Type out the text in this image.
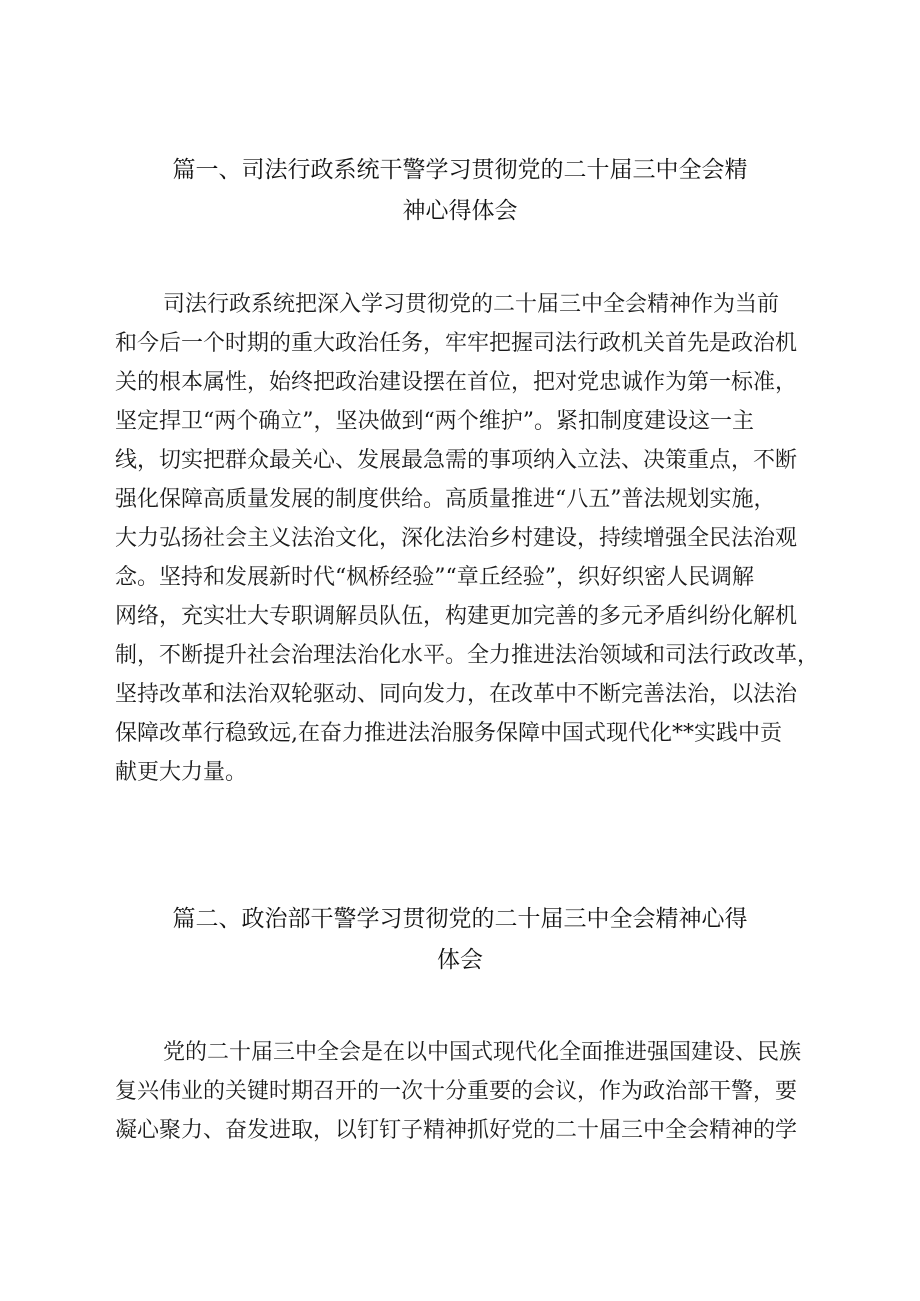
篇一、司法行政系统干警学习贯彻党的二十届三中全会精
神心得体会
司法行政系统把深入学习贯彻党的二十届三中全会精神作为当前
和今后一个时期的重大政治任务，牢牢把握司法行政机关首先是政治机
关的根本属性，始终把政治建设摆在首位，把对党忠诚作为第一标准，
坚定捍卫“两个确立”，坚决做到“两个维护”。紧扣制度建设这一主
线，切实把群众最关心、发展最急需的事项纳入立法、决策重点，不断
强化保障高质量发展的制度供给。高质量推进“八五”普法规划实施，
大力弘扬社会主义法治文化，深化法治乡村建设，持续增强全民法治观
念。坚持和发展新时代“枫桥经验”“章丘经验”，织好织密人民调解
网络，充实壮大专职调解员队伍，构建更加完善的多元矛盾纠纷化解机
制，不断提升社会治理法治化水平。全力推进法治领域和司法行政改革，
坚持改革和法治双轮驱动、同向发力，在改革中不断完善法治，以法治
保障改革行稳致远,在奋力推进法治服务保障中国式现代化**实践中贡
献更大力量。
篇二、政治部干警学习贯彻党的二十届三中全会精神心得
体会
党的二十届三中全会是在以中国式现代化全面推进强国建设、民族
复兴伟业的关键时期召开的一次十分重要的会议，作为政治部干警，要
凝心聚力、奋发进取，以钉钉子精神抓好党的二十届三中全会精神的学
